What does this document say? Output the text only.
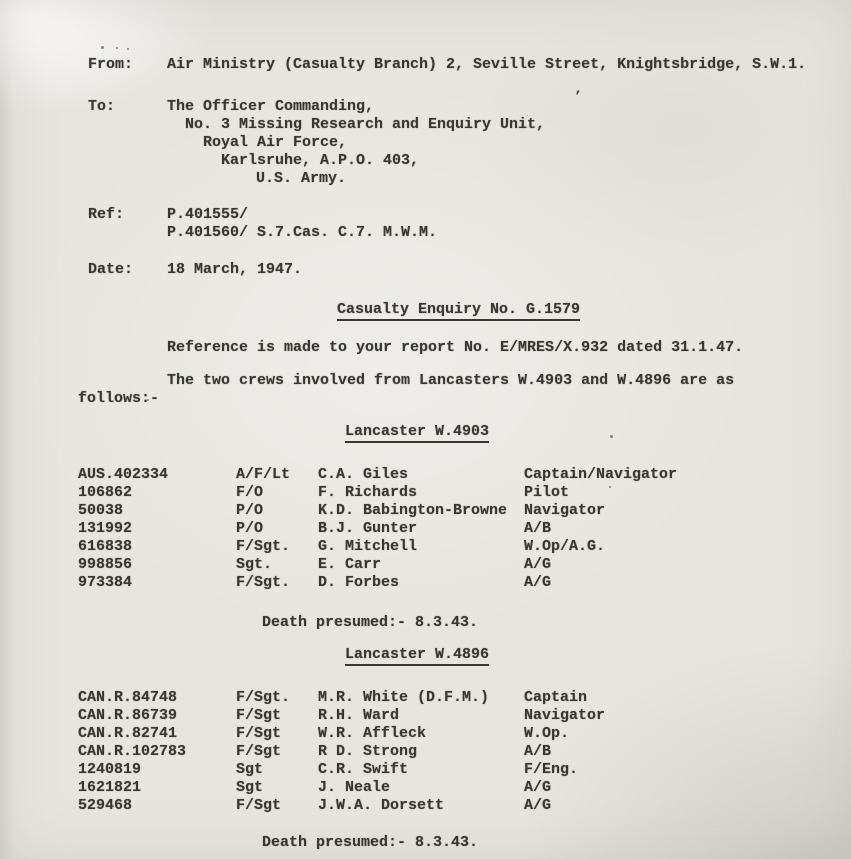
’
From: Air Ministry (Casualty Branch) 2, Seville Street, Knightsbridge, S.W.1.
To:	The Officer Commanding,
No. 3 Missing Research and Enquiry Unit,
Royal Air Force,
Karlsruhe, A.P.O. 403,
U.S. Army.
Ref:	P.401555/
P.401560/ S.7.Cas. C.7. M.W.M.
Date: 18 March, 1947.
Casualty Enquiry No. G.1579
Reference is made to your report No. E/MRES/X.932 dated 31.1.47.
The two crews involved from Lancasters W.4903 and W.4896 are as
follows:-
Lancaster W.4903
AUS.402334	A/F/Lt C.A. Giles	Captain/Navigator
106862	F/O	F. Richards	Pilot
50038	P/O	K.D. Babington-Browne Navigator
131992	P/O	B.J. Gunter	A/B
616838	F/Sgt. G. Mitchell	W.Op/A.G.
998856	Sgt.	E. Carr	A/G
973384	F/Sgt. D. Forbes	A/G
Death presumed:- 8.3.43.
Lancaster W.4896
CAN.R.84748	F/Sgt. M.R. White (D.F.M.) Captain
CAN.R.86739	F/Sgt R.H. Ward	Navigator
CAN.R.82741	F/Sgt W.R. Affleck	W.Op.
CAN.R.102783	F/Sgt R D. Strong	A/B
1240819	Sgt	C.R. Swift	F/Eng.
1621821	Sgt	J. Neale	A/G
529468	F/Sgt J.W.A. Dorsett	A/G
Death presumed:- 8.3.43.
